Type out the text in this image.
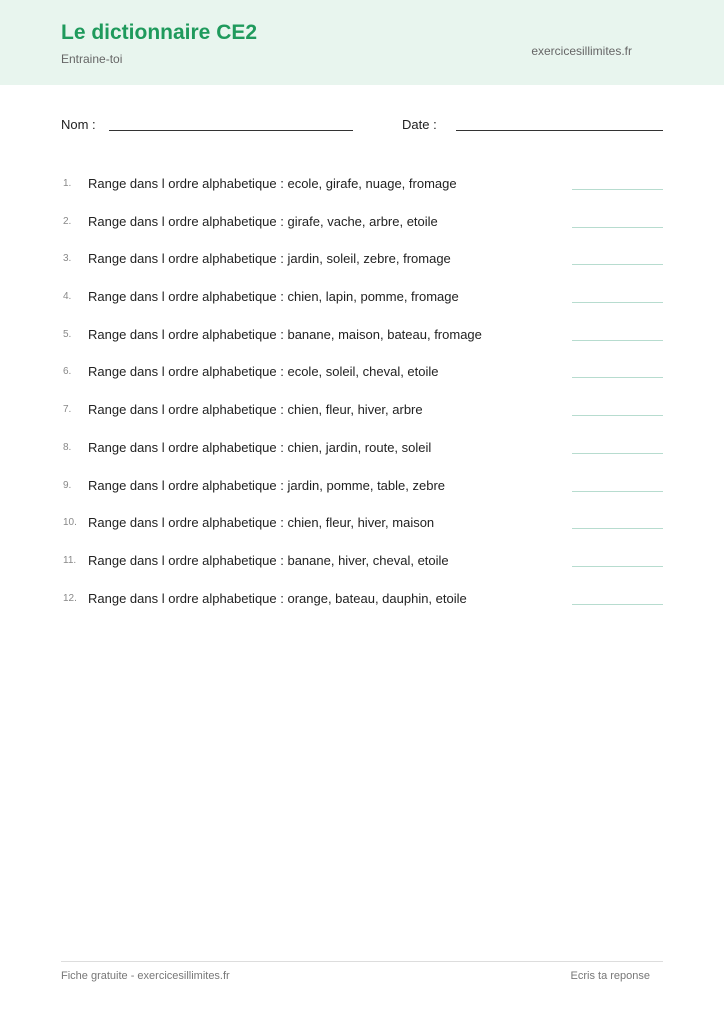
Le dictionnaire CE2
Entraine-toi
exercicesillimites.fr
Nom :	Date :
1. Range dans l ordre alphabetique : ecole, girafe, nuage, fromage
2. Range dans l ordre alphabetique : girafe, vache, arbre, etoile
3. Range dans l ordre alphabetique : jardin, soleil, zebre, fromage
4. Range dans l ordre alphabetique : chien, lapin, pomme, fromage
5. Range dans l ordre alphabetique : banane, maison, bateau, fromage
6. Range dans l ordre alphabetique : ecole, soleil, cheval, etoile
7. Range dans l ordre alphabetique : chien, fleur, hiver, arbre
8. Range dans l ordre alphabetique : chien, jardin, route, soleil
9. Range dans l ordre alphabetique : jardin, pomme, table, zebre
10. Range dans l ordre alphabetique : chien, fleur, hiver, maison
11. Range dans l ordre alphabetique : banane, hiver, cheval, etoile
12. Range dans l ordre alphabetique : orange, bateau, dauphin, etoile
Fiche gratuite - exercicesillimites.fr	Ecris ta reponse
